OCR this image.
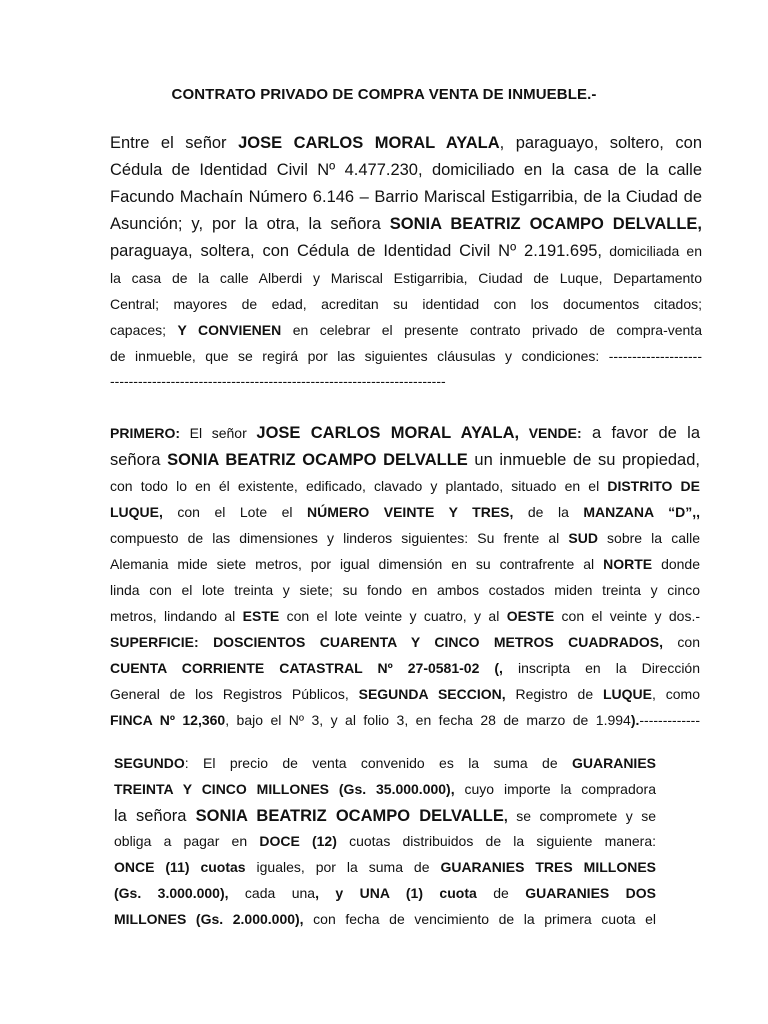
CONTRATO PRIVADO DE COMPRA VENTA DE INMUEBLE.-
Entre el señor JOSE CARLOS MORAL AYALA, paraguayo, soltero, con
Cédula de Identidad Civil Nº 4.477.230, domiciliado en la casa de la calle
Facundo Machaín Número 6.146 – Barrio Mariscal Estigarribia, de la Ciudad de
Asunción; y, por la otra, la señora SONIA BEATRIZ OCAMPO DELVALLE,
paraguaya, soltera, con Cédula de Identidad Civil Nº 2.191.695, domiciliada en
la casa de la calle Alberdi y Mariscal Estigarribia, Ciudad de Luque, Departamento
Central; mayores de edad, acreditan su identidad con los documentos citados;
capaces; Y CONVIENEN en celebrar el presente contrato privado de compra-venta
de inmueble, que se regirá por las siguientes cláusulas y condiciones: --------------------
------------------------------------------------------------------------
PRIMERO: El señor JOSE CARLOS MORAL AYALA, VENDE: a favor de la
señora SONIA BEATRIZ OCAMPO DELVALLE un inmueble de su propiedad,
con todo lo en él existente, edificado, clavado y plantado, situado en el DISTRITO DE
LUQUE, con el Lote el NÚMERO VEINTE Y TRES, de la MANZANA “D”,,
compuesto de las dimensiones y linderos siguientes: Su frente al SUD sobre la calle
Alemania mide siete metros, por igual dimensión en su contrafrente al NORTE donde
linda con el lote treinta y siete; su fondo en ambos costados miden treinta y cinco
metros, lindando al ESTE con el lote veinte y cuatro, y al OESTE con el veinte y dos.-
SUPERFICIE: DOSCIENTOS CUARENTA Y CINCO METROS CUADRADOS, con
CUENTA CORRIENTE CATASTRAL Nº 27-0581-02 (, inscripta en la Dirección
General de los Registros Públicos, SEGUNDA SECCION, Registro de LUQUE, como
FINCA Nº 12,360, bajo el Nº 3, y al folio 3, en fecha 28 de marzo de 1.994).-------------
SEGUNDO: El precio de venta convenido es la suma de GUARANIES
TREINTA Y CINCO MILLONES (Gs. 35.000.000), cuyo importe la compradora
la señora SONIA BEATRIZ OCAMPO DELVALLE, se compromete y se
obliga a pagar en DOCE (12) cuotas distribuidos de la siguiente manera:
ONCE (11) cuotas iguales, por la suma de GUARANIES TRES MILLONES
(Gs. 3.000.000), cada una, y UNA (1) cuota de GUARANIES DOS
MILLONES (Gs. 2.000.000), con fecha de vencimiento de la primera cuota el
